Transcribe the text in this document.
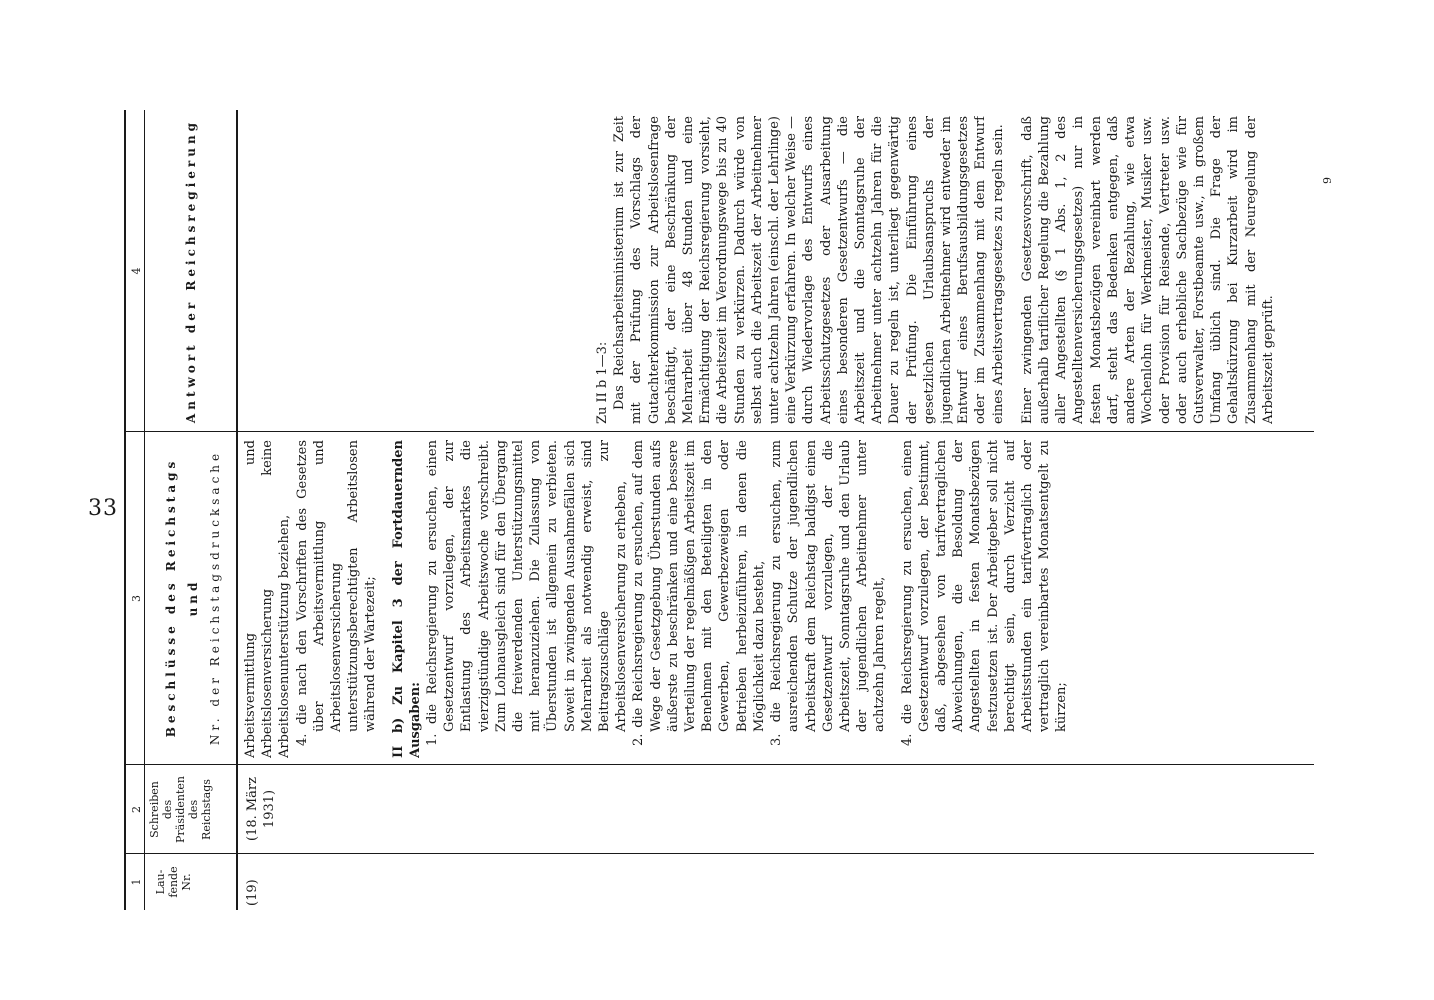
33
1
2
3
4
Lau-
fende
Nr.
Schreiben
des
Präsidenten
des
Reichstags
Beschlüsse des Reichstags und Nr. der Reichstagsdrucksache
Antwort der Reichsregierung
(19)
(18. März
1931)

Arbeitsvermittlung und Arbeitslosenversicherung keine Arbeitslosenunterstützung beziehen, 4. die nach den Vorschriften des Gesetzes über Arbeitsvermittlung und Arbeitslosenversicherung unterstützungsberechtigten Arbeitslosen während der Wartezeit; II b) Zu Kapitel 3 der Fortdauernden Ausgaben: 1. die Reichsregierung zu ersuchen, einen Gesetzentwurf vorzulegen, der zur Entlastung des Arbeitsmarktes die vierzigstündige Arbeitswoche vorschreibt. Zum Lohnausgleich sind für den Übergang die freiwerdenden Unterstützungsmittel mit heranzuziehen. Die Zulassung von Überstunden ist allgemein zu verbieten. Soweit in zwingenden Ausnahmefällen sich Mehrarbeit als notwendig erweist, sind Beitragszuschläge zur Arbeitslosenversicherung zu erheben, 2. die Reichsregierung zu ersuchen, auf dem Wege der Gesetzgebung Überstunden aufs äußerste zu beschränken und eine bessere Verteilung der regelmäßigen Arbeitszeit im Benehmen mit den Beteiligten in den Gewerben, Gewerbezweigen oder Betrieben herbeizuführen, in denen die Möglichkeit dazu besteht, 3. die Reichsregierung zu ersuchen, zum ausreichenden Schutze der jugendlichen Arbeitskraft dem Reichstag baldigst einen Gesetzentwurf vorzulegen, der die Arbeitszeit, Sonntagsruhe und den Urlaub der jugendlichen Arbeitnehmer unter achtzehn Jahren regelt, 4. die Reichsregierung zu ersuchen, einen Gesetzentwurf vorzulegen, der bestimmt, daß, abgesehen von tarifvertraglichen Abweichungen, die Besoldung der Angestellten in festen Monatsbezügen festzusetzen ist. Der Arbeitgeber soll nicht berechtigt sein, durch Verzicht auf Arbeitsstunden ein tarifvertraglich oder vertraglich vereinbartes Monatsentgelt zu kürzen;

Zu II b 1—3: Das Reichsarbeitsministerium ist zur Zeit mit der Prüfung des Vorschlags der Gutachterkommission zur Arbeitslosenfrage beschäftigt, der eine Beschränkung der Mehrarbeit über 48 Stunden und eine Ermächtigung der Reichsregierung vorsieht, die Arbeitszeit im Verordnungswege bis zu 40 Stunden zu verkürzen. Dadurch würde von selbst auch die Arbeitszeit der Arbeitnehmer unter achtzehn Jahren (einschl. der Lehrlinge) eine Verkürzung erfahren. In welcher Weise — durch Wiedervorlage des Entwurfs eines Arbeitsschutzgesetzes oder Ausarbeitung eines besonderen Gesetzentwurfs — die Arbeitszeit und die Sonntagsruhe der Arbeitnehmer unter achtzehn Jahren für die Dauer zu regeln ist, unterliegt gegenwärtig der Prüfung. Die Einführung eines gesetzlichen Urlaubsanspruchs der jugendlichen Arbeitnehmer wird entweder im Entwurf eines Berufsausbildungsgesetzes oder im Zusammenhang mit dem Entwurf eines Arbeitsvertragsgesetzes zu regeln sein. Einer zwingenden Gesetzesvorschrift, daß außerhalb tariflicher Regelung die Bezahlung aller Angestellten (§ 1 Abs. 1, 2 des Angestelltenversicherungsgesetzes) nur in festen Monatsbezügen vereinbart werden darf, steht das Bedenken entgegen, daß andere Arten der Bezahlung, wie etwa Wochenlohn für Werkmeister, Musiker usw. oder Provision für Reisende, Vertreter usw. oder auch erhebliche Sachbezüge wie für Gutsverwalter, Forstbeamte usw., in großem Umfang üblich sind. Die Frage der Gehaltskürzung bei Kurzarbeit wird im Zusammenhang mit der Neuregelung der Arbeitszeit geprüft.

9
